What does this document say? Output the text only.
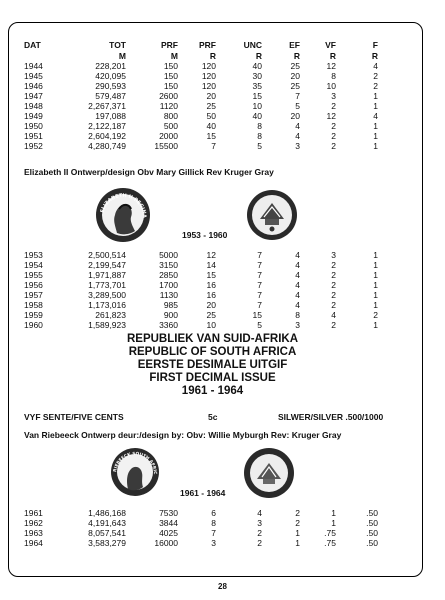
DAT	TOT	PRF	PRF	UNC	EF	VF	F
	M	M	R	R	R	R	R
1944	228,201	150	120	40	25	12	4
1945	420,095	150	120	30	20	8	2
1946	290,593	150	120	35	25	10	2
1947	579,487	2600	20	15	7	3	1
1948	2,267,371	1120	25	10	5	2	1
1949	197,088	800	50	40	20	12	4
1950	2,122,187	500	40	8	4	2	1
1951	2,604,192	2000	15	8	4	2	1
1952	4,280,749	15500	7	5	3	2	1
Elizabeth II Ontwerp/design Obv Mary Gillick Rev Kruger Gray
ELIZABETH II REGINA
1953 - 1960
1953	2,500,514	5000	12	7	4	3	1
1954	2,199,547	3150	14	7	4	2	1
1955	1,971,887	2850	15	7	4	2	1
1956	1,773,701	1700	16	7	4	2	1
1957	3,289,500	1130	16	7	4	2	1
1958	1,173,016	985	20	7	4	2	1
1959	261,823	900	25	15	8	4	2
1960	1,589,923	3360	10	5	3	2	1
REPUBLIEK VAN SUID-AFRIKA
REPUBLIC OF SOUTH AFRICA
EERSTE DESIMALE UITGIF
FIRST DECIMAL ISSUE
1961 - 1964
VYF SENTE/FIVE CENTS	5c	SILWER/SILVER .500/1000
Van Riebeeck Ontwerp deur:/design by: Obv: Willie Myburgh Rev: Kruger Gray
RIEBEECK SOUTH AFRIC
1961 - 1964
1961	1,486,168	7530	6	4	2	1	.50
1962	4,191,643	3844	8	3	2	1	.50
1963	8,057,541	4025	7	2	1	.75	.50
1964	3,583,279	16000	3	2	1	.75	.50
28
